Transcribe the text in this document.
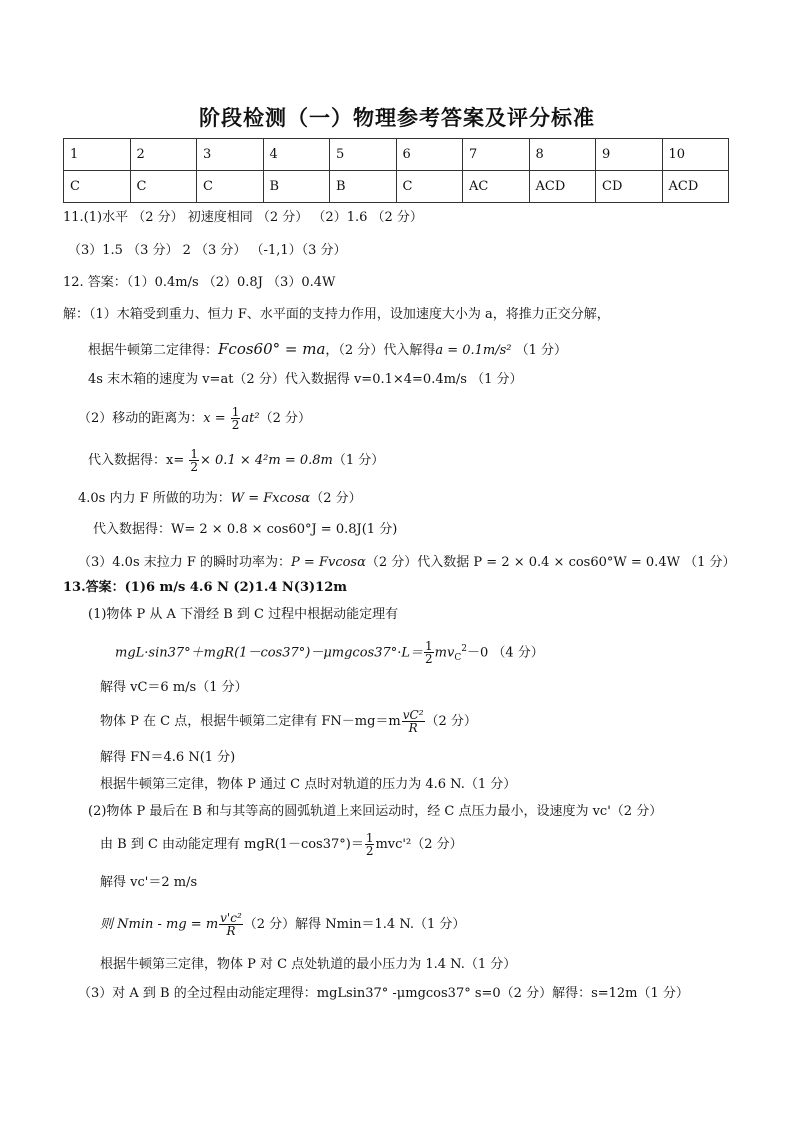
阶段检测（一）物理参考答案及评分标准
1	2	3	4	5	6	7	8	9	10
C	C	C	B	B	C	AC	ACD	CD	ACD
11.(1)水平 （2 分） 初速度相同 （2 分） （2）1.6 （2 分）
（3）1.5 （3 分） 2 （3 分） （-1,1）（3 分）
12. 答案：（1）0.4m/s （2）0.8J （3）0.4W
解：（1）木箱受到重力、恒力 F、水平面的支持力作用，设加速度大小为 a，将推力正交分解，
根据牛顿第二定律得：Fcos60° = ma，（2 分）代入解得a = 0.1m/s² （1 分）
4s 末木箱的速度为 v=at（2 分）代入数据得 v=0.1×4=0.4m/s （1 分）
（2）移动的距离为：$x = \frac{1}{2} at^2(2$ 分）
代入数据得：$x= \frac{1}{2} \times 0.1 \times 4^2m = 0.8m(1$ 分）
4.0s 内力 F 所做的功为：W = Fxcosα（2 分）
代入数据得：W= 2 × 0.8 × cos60°J = 0.8J(1 分)
（3）4.0s 末拉力 F 的瞬时功率为：P = Fvcosα（2 分）代入数据 P = 2 × 0.4 × cos60°W = 0.4W （1 分）
13.答案：(1)6 m/s 4.6 N (2)1.4 N(3)12m
(1)物体 P 从 A 下滑经 B 到 C 过程中根据动能定理有
$mgL\cdot\sin 37^\circ+mgR(1-\cos 37^\circ)-\mu mgcos37^\circ\cdot L= \frac{1}{2} mv_C^2-0$ （4 分）
解得 vC＝6 m/s（1 分）
物体 P 在 C 点，根据牛顿第二定律有 $FN-mg=m \frac{\text{vC²}}{R} (2$ 分）
解得 FN＝4.6 N(1 分)
根据牛顿第三定律，物体 P 通过 C 点时对轨道的压力为 4.6 N.（1 分）
(2)物体 P 最后在 B 和与其等高的圆弧轨道上来回运动时，经 C 点压力最小，设速度为 vc'（2 分）
由 B 到 C 由动能定理有 $mgR(1-\cos 37^\circ)= \frac{1}{2} mvc'^2(2$ 分）
解得 vc'＝2 m/s
则 Nmin - mg = m $\frac{\text{v'c²}}{R} (2$ 分）解得 Nmin＝1.4 N.（1 分）
根据牛顿第三定律，物体 P 对 C 点处轨道的最小压力为 1.4 N.（1 分）
（3）对 A 到 B 的全过程由动能定理得：mgLsin37° -μmgcos37° s=0（2 分）解得：s=12m（1 分）
